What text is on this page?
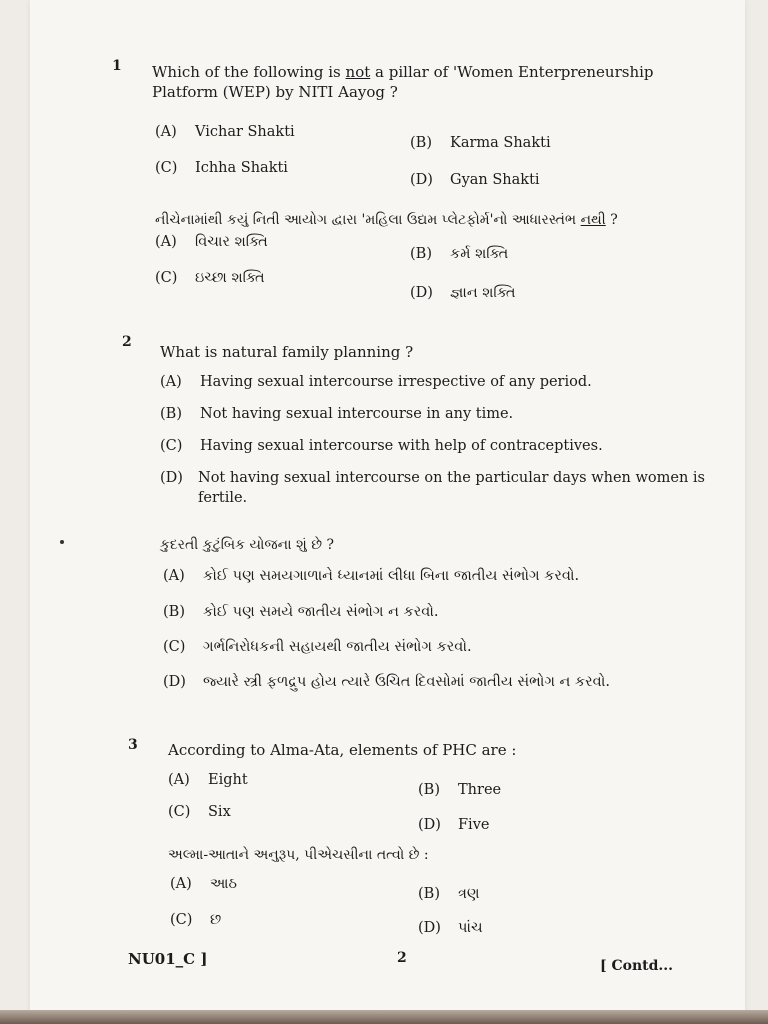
1 Which of the following is not a pillar of 'Women Enterpreneurship Platform (WEP) by NITI Aayog ?
(A) Vichar Shakti
(B) Karma Shakti
(C) Ichha Shakti
(D) Gyan Shakti
નીચેનામાંથી કયું નિતી આયોગ દ્વારા 'મહિલા ઉદ્યમ પ્લેટફોર્મ'નો આધારસ્તંભ નથી ?
(A) વિચાર શક્તિ
(B) કર્મ શક્તિ
(C) ઇચ્છા શક્તિ
(D) જ્ઞાન શક્તિ
2
What is natural family planning ?
(A) Having sexual intercourse irrespective of any period.
(B) Not having sexual intercourse in any time.
(C) Having sexual intercourse with help of contraceptives.
(D) Not having sexual intercourse on the particular days when women is fertile.
કુદરતી કુટુંબિક યોજના શું છે ?
(A) કોઈ પણ સમયગાળાને ધ્યાનમાં લીધા બિના જાતીય સંભોગ કરવો.
(B) કોઈ પણ સમયે જાતીય સંભોગ ન કરવો.
(C) ગર્ભનિરોધકની સહાયથી જાતીય સંભોગ કરવો.
(D) જ્યારે સ્ત્રી ફળદ્રુપ હોય ત્યારે ઉચિત દિવસોમાં જાતીય સંભોગ ન કરવો.
3 According to Alma-Ata, elements of PHC are :
(A) Eight
(B) Three
(C) Six
(D) Five
અલ્મા-આતાને અનુરૂપ, પીએચસીના તત્વો છે :
(A) આઠ
(B) ત્રણ
(C) છ	(D) પાંચ
NU01_C ]	2	[ Contd...
